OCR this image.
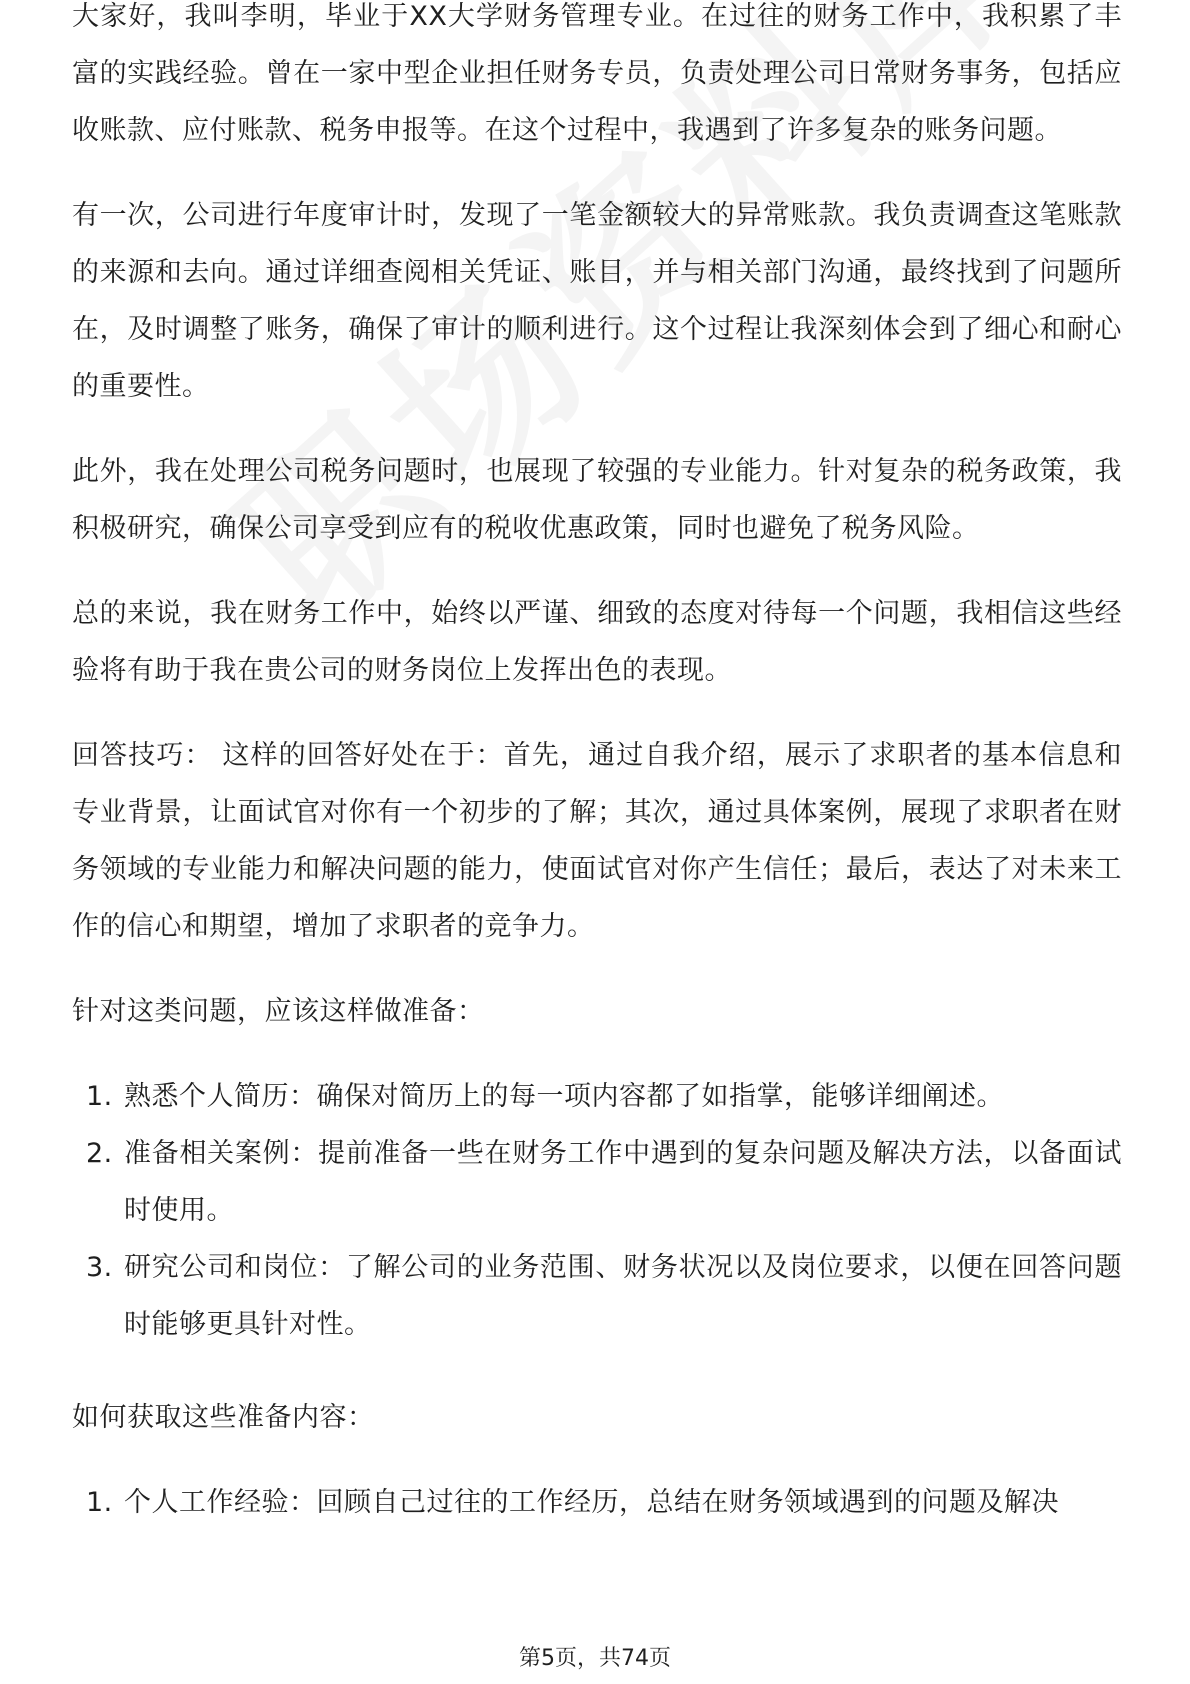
大家好，我叫李明，毕业于XX大学财务管理专业。在过往的财务工作中，我积累了丰富的实践经验。曾在一家中型企业担任财务专员，负责处理公司日常财务事务，包括应收账款、应付账款、税务申报等。在这个过程中，我遇到了许多复杂的账务问题。

有一次，公司进行年度审计时，发现了一笔金额较大的异常账款。我负责调查这笔账款的来源和去向。通过详细查阅相关凭证、账目，并与相关部门沟通，最终找到了问题所在，及时调整了账务，确保了审计的顺利进行。这个过程让我深刻体会到了细心和耐心的重要性。

此外，我在处理公司税务问题时，也展现了较强的专业能力。针对复杂的税务政策，我积极研究，确保公司享受到应有的税收优惠政策，同时也避免了税务风险。

总的来说，我在财务工作中，始终以严谨、细致的态度对待每一个问题，我相信这些经验将有助于我在贵公司的财务岗位上发挥出色的表现。

回答技巧： 这样的回答好处在于：首先，通过自我介绍，展示了求职者的基本信息和专业背景，让面试官对你有一个初步的了解；其次，通过具体案例，展现了求职者在财务领域的专业能力和解决问题的能力，使面试官对你产生信任；最后，表达了对未来工作的信心和期望，增加了求职者的竞争力。

针对这类问题，应该这样做准备：

1. 熟悉个人简历：确保对简历上的每一项内容都了如指掌，能够详细阐述。
2. 准备相关案例：提前准备一些在财务工作中遇到的复杂问题及解决方法，以备面试时使用。
3. 研究公司和岗位：了解公司的业务范围、财务状况以及岗位要求，以便在回答问题时能够更具针对性。

如何获取这些准备内容：

1. 个人工作经验：回顾自己过往的工作经历，总结在财务领域遇到的问题及解决
第5页，共74页
